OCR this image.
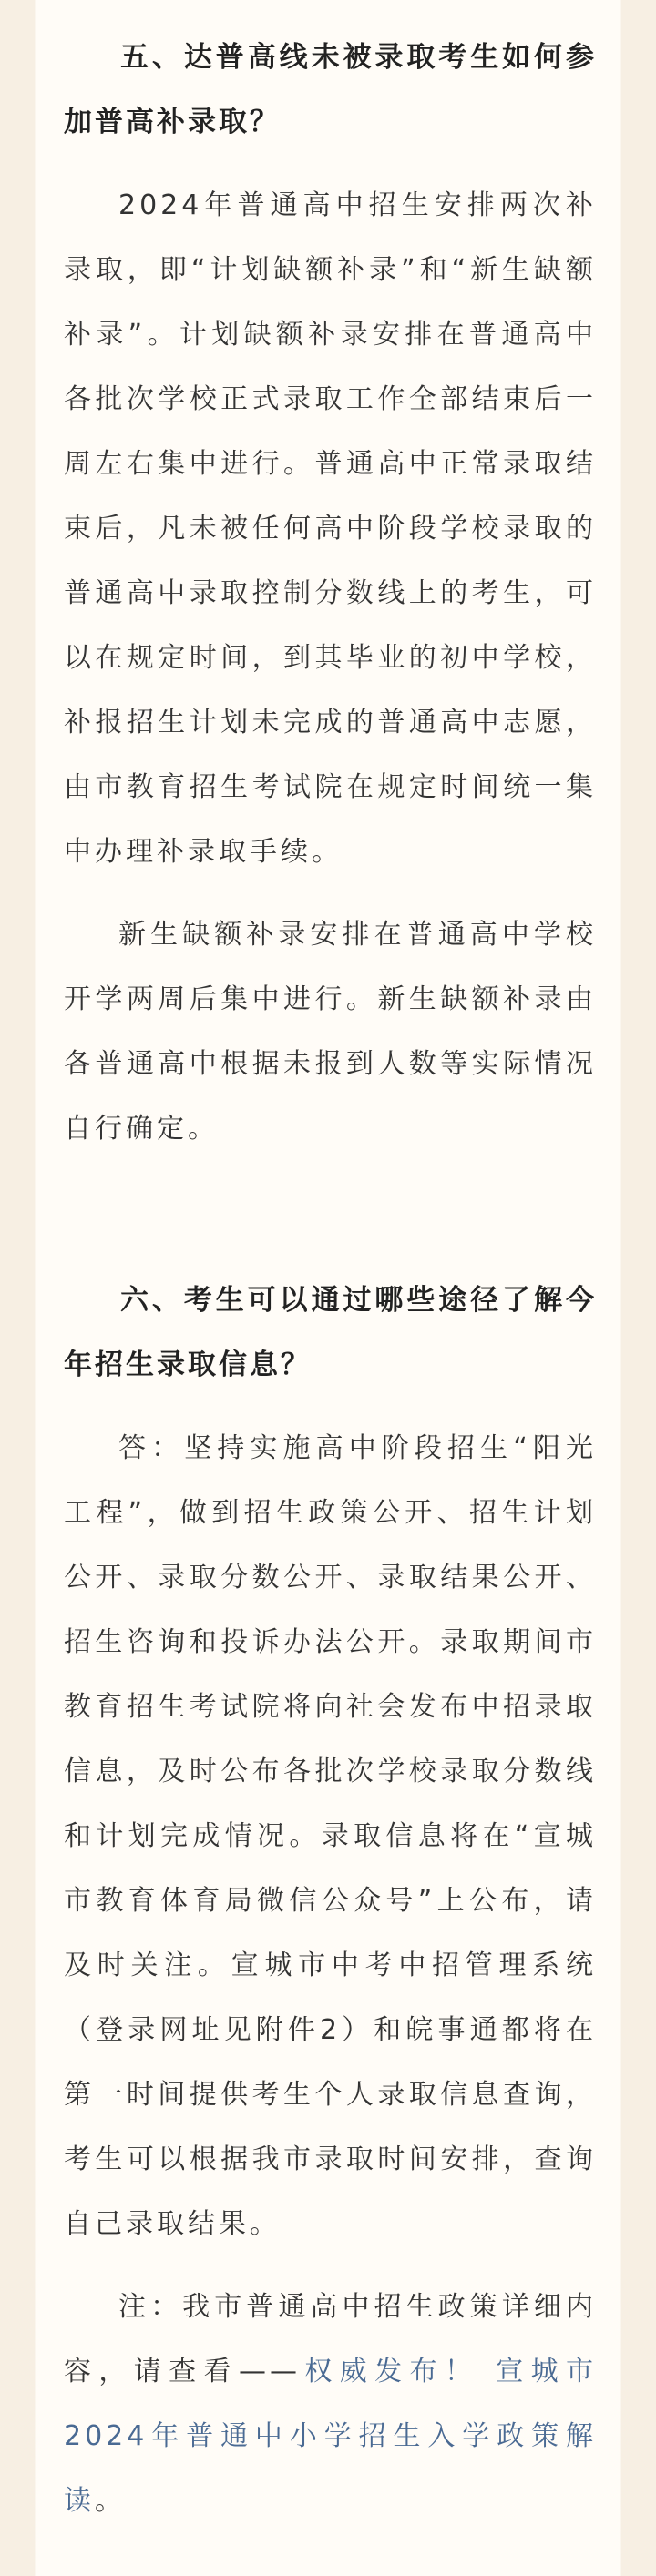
五、达普高线未被录取考生如何参加普高补录取？

2024年普通高中招生安排两次补录取，即“计划缺额补录”和“新生缺额补录”。计划缺额补录安排在普通高中各批次学校正式录取工作全部结束后一周左右集中进行。普通高中正常录取结束后，凡未被任何高中阶段学校录取的普通高中录取控制分数线上的考生，可以在规定时间，到其毕业的初中学校，补报招生计划未完成的普通高中志愿，由市教育招生考试院在规定时间统一集中办理补录取手续。

新生缺额补录安排在普通高中学校开学两周后集中进行。新生缺额补录由各普通高中根据未报到人数等实际情况自行确定。

六、考生可以通过哪些途径了解今年招生录取信息？

答：坚持实施高中阶段招生“阳光工程”，做到招生政策公开、招生计划公开、录取分数公开、录取结果公开、招生咨询和投诉办法公开。录取期间市教育招生考试院将向社会发布中招录取信息，及时公布各批次学校录取分数线和计划完成情况。录取信息将在“宣城市教育体育局微信公众号”上公布，请及时关注。宣城市中考中招管理系统（登录网址见附件2）和皖事通都将在第一时间提供考生个人录取信息查询，考生可以根据我市录取时间安排，查询自己录取结果。

注：我市普通高中招生政策详细内容，请查看——权威发布！ 宣城市2024年普通中小学招生入学政策解读。
